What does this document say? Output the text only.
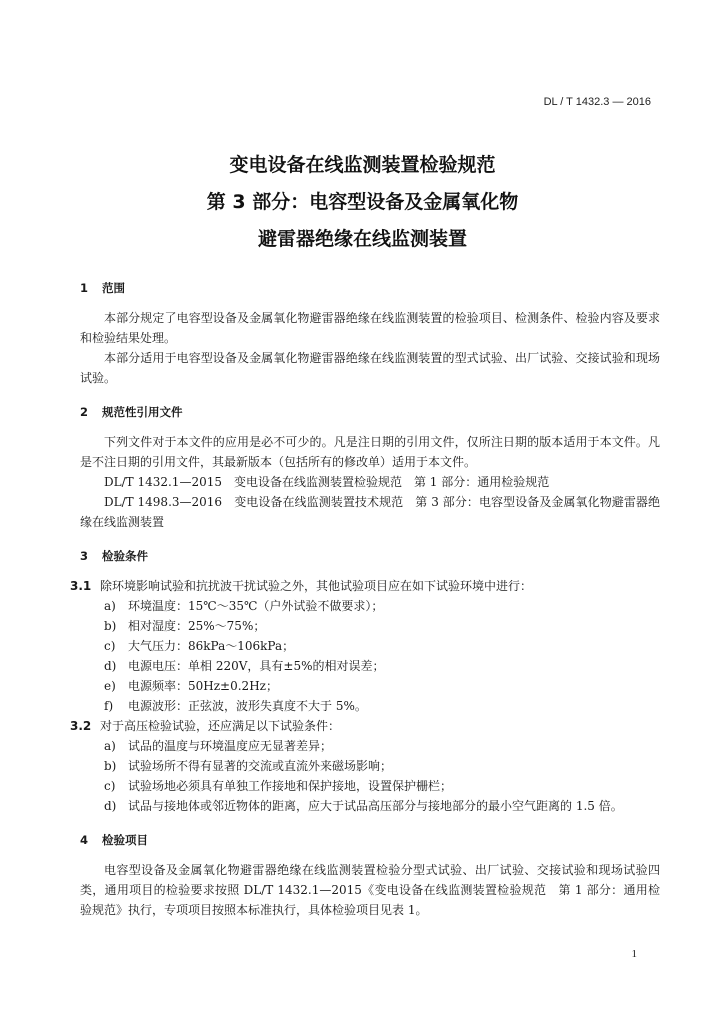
DL / T 1432.3 — 2016
变电设备在线监测装置检验规范
第 3 部分：电容型设备及金属氧化物
避雷器绝缘在线监测装置

1 范围

本部分规定了电容型设备及金属氧化物避雷器绝缘在线监测装置的检验项目、检测条件、检验内容及要求和检验结果处理。

本部分适用于电容型设备及金属氧化物避雷器绝缘在线监测装置的型式试验、出厂试验、交接试验和现场试验。

2 规范性引用文件

下列文件对于本文件的应用是必不可少的。凡是注日期的引用文件，仅所注日期的版本适用于本文件。凡是不注日期的引用文件，其最新版本（包括所有的修改单）适用于本文件。

DL/T 1432.1—2015　变电设备在线监测装置检验规范　第 1 部分：通用检验规范

DL/T 1498.3—2016　变电设备在线监测装置技术规范　第 3 部分：电容型设备及金属氧化物避雷器绝缘在线监测装置

3 检验条件

3.1 除环境影响试验和抗扰波干扰试验之外，其他试验项目应在如下试验环境中进行：

a) 环境温度：15℃～35℃（户外试验不做要求）；

b) 相对湿度：25%～75%；

c) 大气压力：86kPa～106kPa；

d) 电源电压：单相 220V，具有±5%的相对误差；

e) 电源频率：50Hz±0.2Hz；

f) 电源波形：正弦波，波形失真度不大于 5%。

3.2 对于高压检验试验，还应满足以下试验条件：

a) 试品的温度与环境温度应无显著差异；

b) 试验场所不得有显著的交流或直流外来磁场影响；

c) 试验场地必须具有单独工作接地和保护接地，设置保护栅栏；

d) 试品与接地体或邻近物体的距离，应大于试品高压部分与接地部分的最小空气距离的 1.5 倍。

4 检验项目

电容型设备及金属氧化物避雷器绝缘在线监测装置检验分型式试验、出厂试验、交接试验和现场试验四类，通用项目的检验要求按照 DL/T 1432.1—2015《变电设备在线监测装置检验规范　第 1 部分：通用检验规范》执行，专项项目按照本标准执行，具体检验项目见表 1。

1
